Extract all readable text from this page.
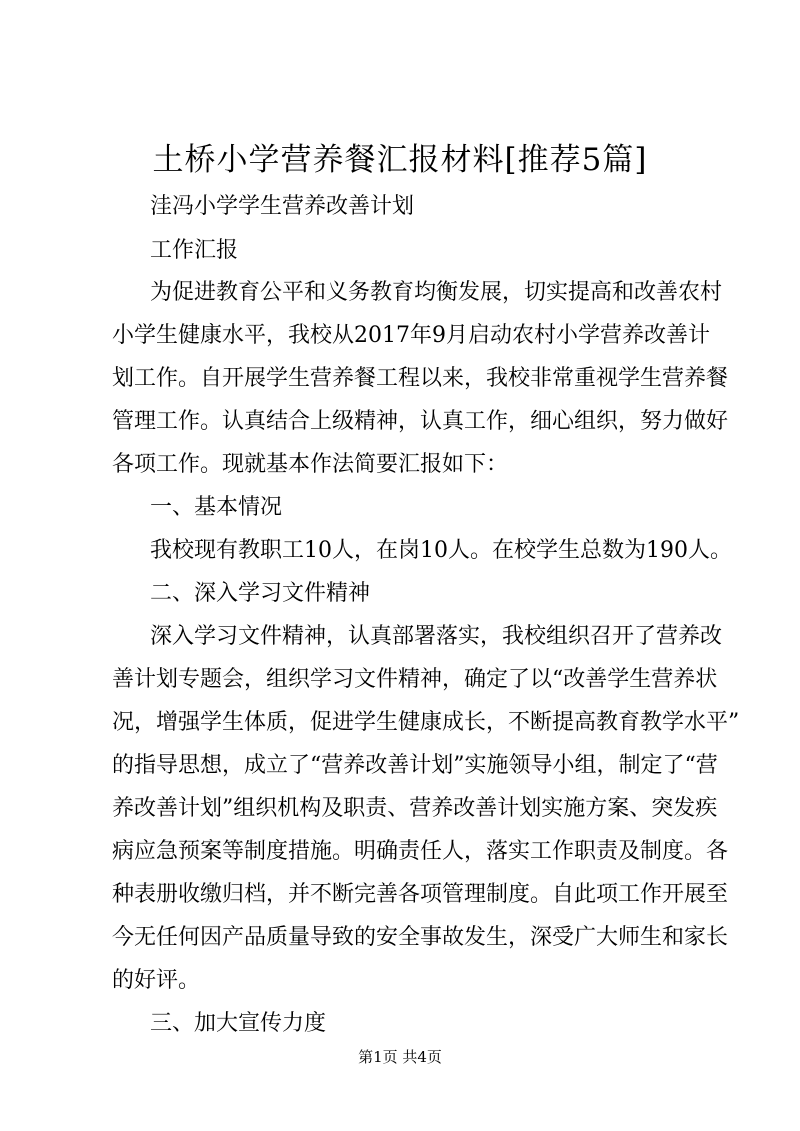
土桥小学营养餐汇报材料[推荐5篇]
洼冯小学学生营养改善计划
工作汇报
为促进教育公平和义务教育均衡发展，切实提高和改善农村
小学生健康水平，我校从2017年9月启动农村小学营养改善计
划工作。自开展学生营养餐工程以来，我校非常重视学生营养餐
管理工作。认真结合上级精神，认真工作，细心组织，努力做好
各项工作。现就基本作法简要汇报如下：
一、基本情况
我校现有教职工10人，在岗10人。在校学生总数为190人。
二、深入学习文件精神
深入学习文件精神，认真部署落实，我校组织召开了营养改
善计划专题会，组织学习文件精神，确定了以“改善学生营养状
况，增强学生体质，促进学生健康成长，不断提高教育教学水平”
的指导思想，成立了“营养改善计划”实施领导小组，制定了“营
养改善计划”组织机构及职责、营养改善计划实施方案、突发疾
病应急预案等制度措施。明确责任人，落实工作职责及制度。各
种表册收缴归档，并不断完善各项管理制度。自此项工作开展至
今无任何因产品质量导致的安全事故发生，深受广大师生和家长
的好评。
三、加大宣传力度
第1页 共4页
